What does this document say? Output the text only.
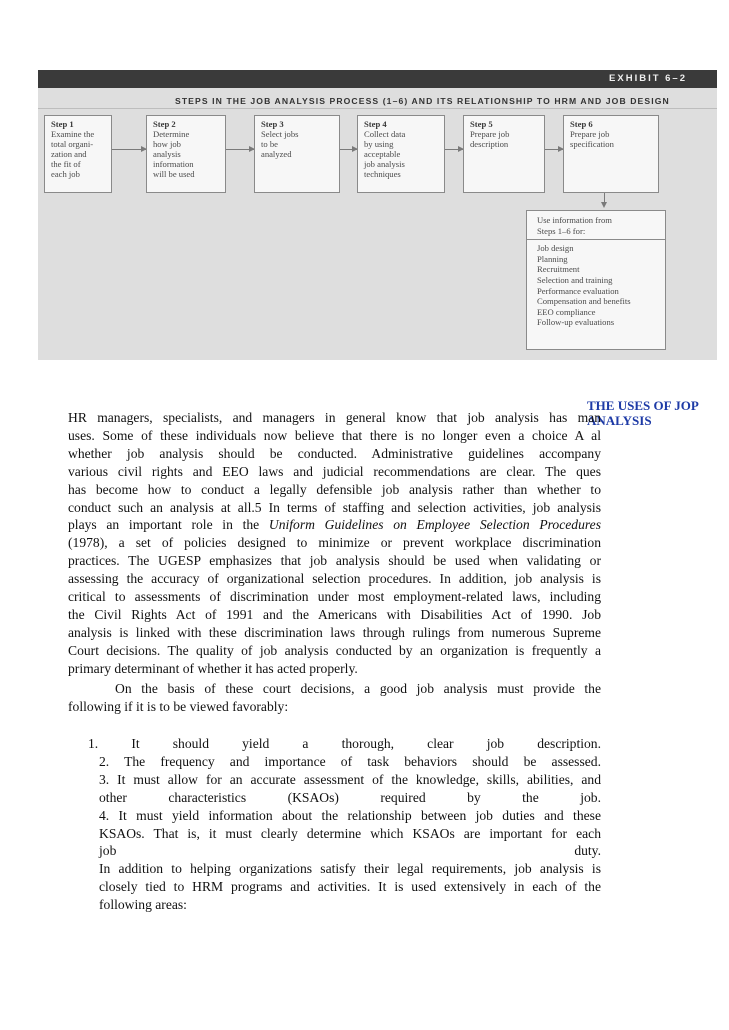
EXHIBIT 6–2
STEPS IN THE JOB ANALYSIS PROCESS (1–6) AND ITS RELATIONSHIP TO HRM AND JOB DESIGN
Step 1
Examine the
total organi-
zation and
the fit of
each job
Step 2
Determine
how job
analysis
information
will be used
Step 3
Select jobs
to be
analyzed
Step 4
Collect data
by using
acceptable
job analysis
techniques
Step 5
Prepare job
description
Step 6
Prepare job
specification
Use information from
Steps 1–6 for:
Job design
Planning
Recruitment
Selection and training
Performance evaluation
Compensation and benefits
EEO compliance
Follow-up evaluations
THE USES OF JOP ANALYSIS
HR managers, specialists, and managers in general know that job analysis has man
uses. Some of these individuals now believe that there is no longer even a choice A al
whether job analysis should be conducted. Administrative guidelines accompany
various civil rights and EEO laws and judicial recommendations are clear. The ques
has become how to conduct a legally defensible job analysis rather than whether to
conduct such an analysis at all.5 In terms of staffing and selection activities, job analysis
plays an important role in the Uniform Guidelines on Employee Selection Procedures
(1978), a set of policies designed to minimize or prevent workplace discrimination
practices. The UGESP emphasizes that job analysis should be used when validating or
assessing the accuracy of organizational selection procedures. In addition, job analysis is
critical to assessments of discrimination under most employment-related laws, including
the Civil Rights Act of 1991 and the Americans with Disabilities Act of 1990. Job
analysis is linked with these discrimination laws through rulings from numerous Supreme
Court decisions. The quality of job analysis conducted by an organization is frequently a
primary determinant of whether it has acted properly.
On the basis of these court decisions, a good job analysis must provide the
following if it is to be viewed favorably:
1. It should yield a thorough, clear job description.
2. The frequency and importance of task behaviors should be assessed.
3. It must allow for an accurate assessment of the knowledge, skills, abilities, and
other characteristics (KSAOs) required by the job.
4. It must yield information about the relationship between job duties and these
KSAOs. That is, it must clearly determine which KSAOs are important for each
job duty.
In addition to helping organizations satisfy their legal requirements, job analysis is
closely tied to HRM programs and activities. It is used extensively in each of the
following areas:
